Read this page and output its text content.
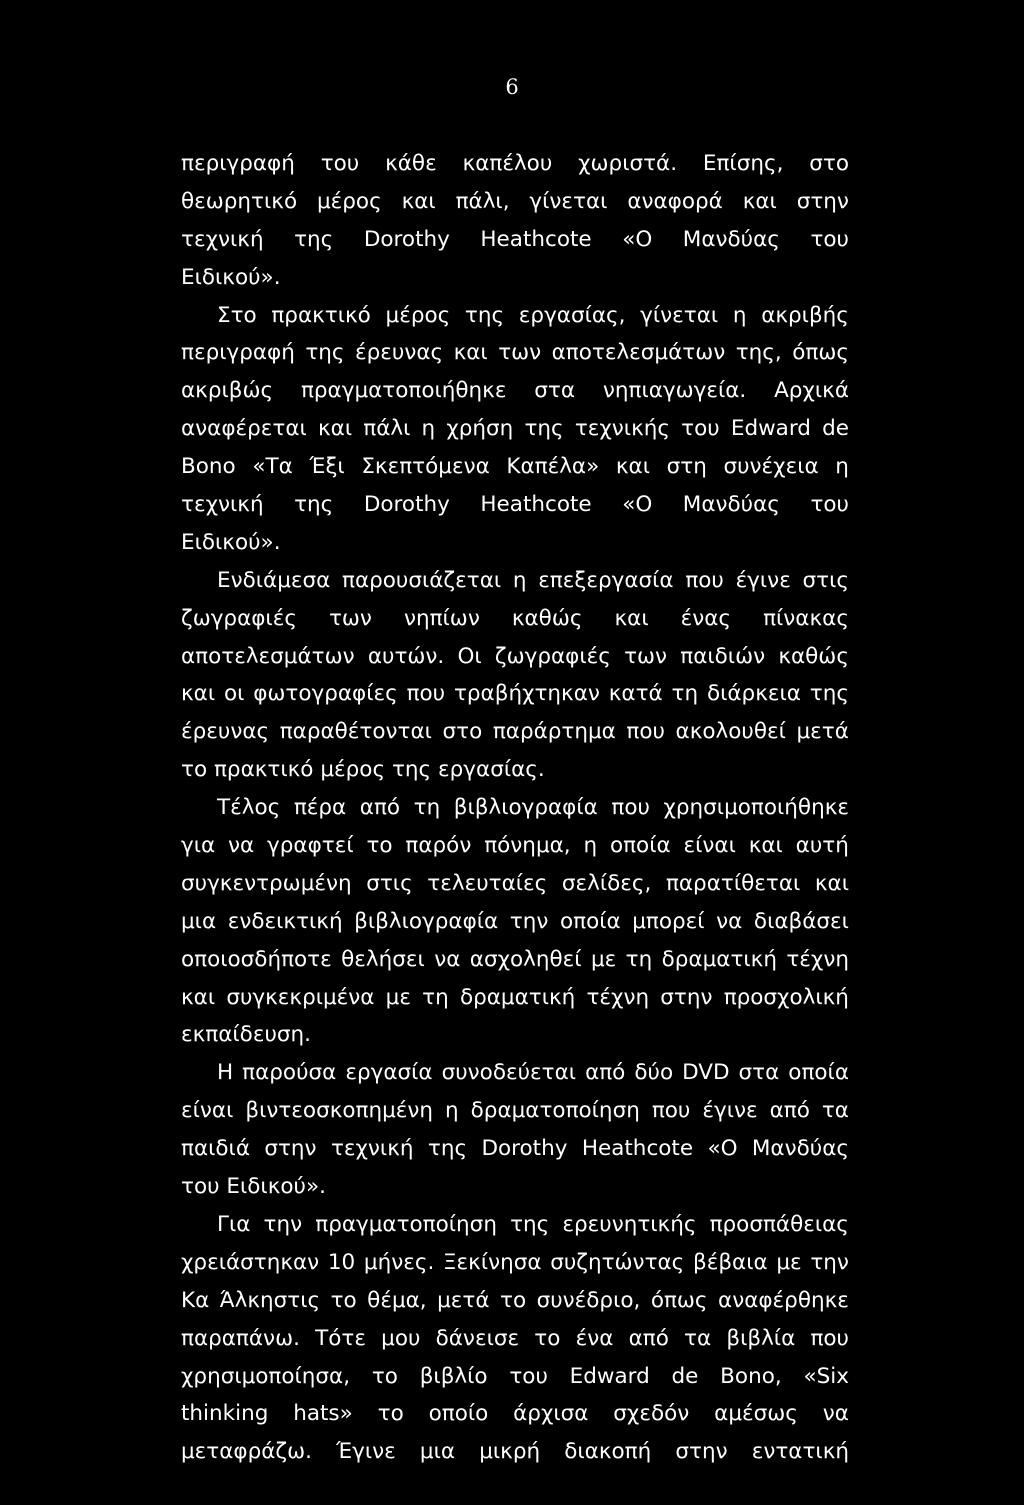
6
περιγραφή του κάθε καπέλου χωριστά. Επίσης, στο
θεωρητικό μέρος και πάλι, γίνεται αναφορά και στην
τεχνική της Dorothy Heathcote «Ο Μανδύας του
Ειδικού».
Στο πρακτικό μέρος της εργασίας, γίνεται η ακριβής
περιγραφή της έρευνας και των αποτελεσμάτων της, όπως
ακριβώς πραγματοποιήθηκε στα νηπιαγωγεία. Αρχικά
αναφέρεται και πάλι η χρήση της τεχνικής του Edward de
Bono «Τα Έξι Σκεπτόμενα Καπέλα» και στη συνέχεια η
τεχνική της Dorothy Heathcote «Ο Μανδύας του
Ειδικού».
Ενδιάμεσα παρουσιάζεται η επεξεργασία που έγινε στις
ζωγραφιές των νηπίων καθώς και ένας πίνακας
αποτελεσμάτων αυτών. Οι ζωγραφιές των παιδιών καθώς
και οι φωτογραφίες που τραβήχτηκαν κατά τη διάρκεια της
έρευνας παραθέτονται στο παράρτημα που ακολουθεί μετά
το πρακτικό μέρος της εργασίας.
Τέλος πέρα από τη βιβλιογραφία που χρησιμοποιήθηκε
για να γραφτεί το παρόν πόνημα, η οποία είναι και αυτή
συγκεντρωμένη στις τελευταίες σελίδες, παρατίθεται και
μια ενδεικτική βιβλιογραφία την οποία μπορεί να διαβάσει
οποιοσδήποτε θελήσει να ασχοληθεί με τη δραματική τέχνη
και συγκεκριμένα με τη δραματική τέχνη στην προσχολική
εκπαίδευση.
Η παρούσα εργασία συνοδεύεται από δύο DVD στα οποία
είναι βιντεοσκοπημένη η δραματοποίηση που έγινε από τα
παιδιά στην τεχνική της Dorothy Heathcote «Ο Μανδύας
του Ειδικού».
Για την πραγματοποίηση της ερευνητικής προσπάθειας
χρειάστηκαν 10 μήνες. Ξεκίνησα συζητώντας βέβαια με την
Κα Άλκηστις το θέμα, μετά το συνέδριο, όπως αναφέρθηκε
παραπάνω. Τότε μου δάνεισε το ένα από τα βιβλία που
χρησιμοποίησα, το βιβλίο του Edward de Bono, «Six
thinking hats» το οποίο άρχισα σχεδόν αμέσως να
μεταφράζω. Έγινε μια μικρή διακοπή στην εντατική
